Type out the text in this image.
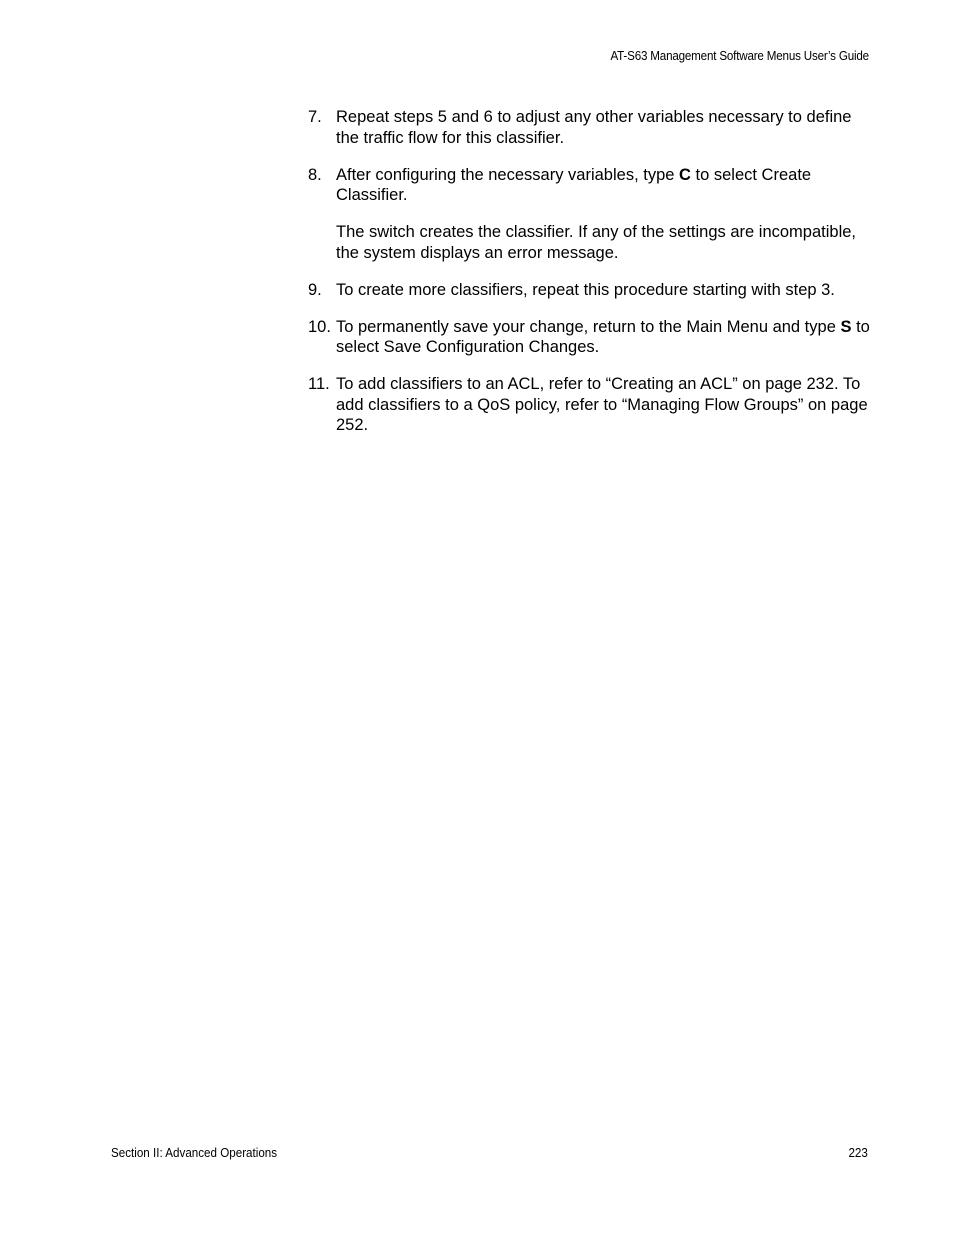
AT-S63 Management Software Menus User’s Guide
7. Repeat steps 5 and 6 to adjust any other variables necessary to define the traffic flow for this classifier.
8. After configuring the necessary variables, type C to select Create Classifier.
The switch creates the classifier. If any of the settings are incompatible, the system displays an error message.
9. To create more classifiers, repeat this procedure starting with step 3.
10. To permanently save your change, return to the Main Menu and type S to select Save Configuration Changes.
11. To add classifiers to an ACL, refer to “Creating an ACL” on page 232. To add classifiers to a QoS policy, refer to “Managing Flow Groups” on page 252.
Section II: Advanced Operations	223
